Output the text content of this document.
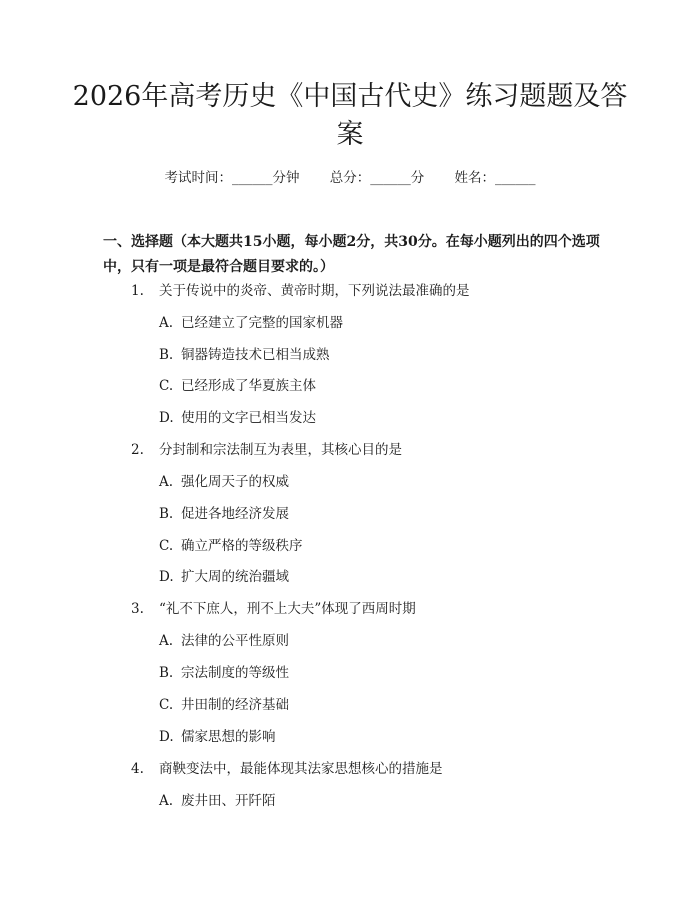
2026年高考历史《中国古代史》练习题题及答案
考试时间：______分钟 总分：______分 姓名：______
一、选择题（本大题共15小题，每小题2分，共30分。在每小题列出的四个选项中，只有一项是最符合题目要求的。）
1. 关于传说中的炎帝、黄帝时期，下列说法最准确的是
A. 已经建立了完整的国家机器
B. 铜器铸造技术已相当成熟
C. 已经形成了华夏族主体
D. 使用的文字已相当发达
2. 分封制和宗法制互为表里，其核心目的是
A. 强化周天子的权威
B. 促进各地经济发展
C. 确立严格的等级秩序
D. 扩大周的统治疆域
3. “礼不下庶人，刑不上大夫”体现了西周时期
A. 法律的公平性原则
B. 宗法制度的等级性
C. 井田制的经济基础
D. 儒家思想的影响
4. 商鞅变法中，最能体现其法家思想核心的措施是
A. 废井田、开阡陌
